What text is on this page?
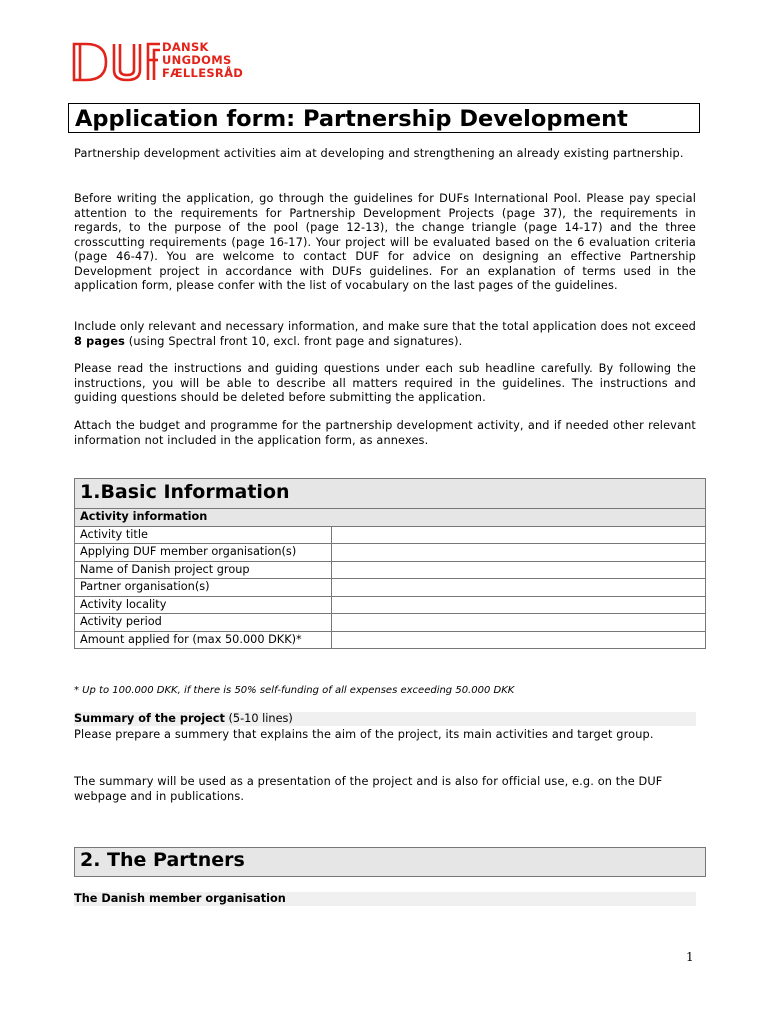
DANSK
UNGDOMS
FÆLLESRÅD
Application form: Partnership Development
Partnership development activities aim at developing and strengthening an already existing partnership.
Before writing the application, go through the guidelines for DUFs International Pool. Please pay special attention to the requirements for Partnership Development Projects (page 37), the requirements in regards, to the purpose of the pool (page 12-13), the change triangle (page 14-17) and the three crosscutting requirements (page 16-17). Your project will be evaluated based on the 6 evaluation criteria (page 46-47). You are welcome to contact DUF for advice on designing an effective Partnership Development project in accordance with DUFs guidelines. For an explanation of terms used in the application form, please confer with the list of vocabulary on the last pages of the guidelines.
Include only relevant and necessary information, and make sure that the total application does not exceed 8 pages (using Spectral front 10, excl. front page and signatures).
Please read the instructions and guiding questions under each sub headline carefully. By following the instructions, you will be able to describe all matters required in the guidelines. The instructions and guiding questions should be deleted before submitting the application.
Attach the budget and programme for the partnership development activity, and if needed other relevant information not included in the application form, as annexes.
1.Basic Information
Activity information	
Activity title	
Applying DUF member organisation(s)	
Name of Danish project group	
Partner organisation(s)	
Activity locality	
Activity period	
Amount applied for (max 50.000 DKK)*	
* Up to 100.000 DKK, if there is 50% self-funding of all expenses exceeding 50.000 DKK
Summary of the project (5-10 lines)
Please prepare a summery that explains the aim of the project, its main activities and target group.
The summary will be used as a presentation of the project and is also for official use, e.g. on the DUF webpage and in publications.
2. The Partners
The Danish member organisation
1
